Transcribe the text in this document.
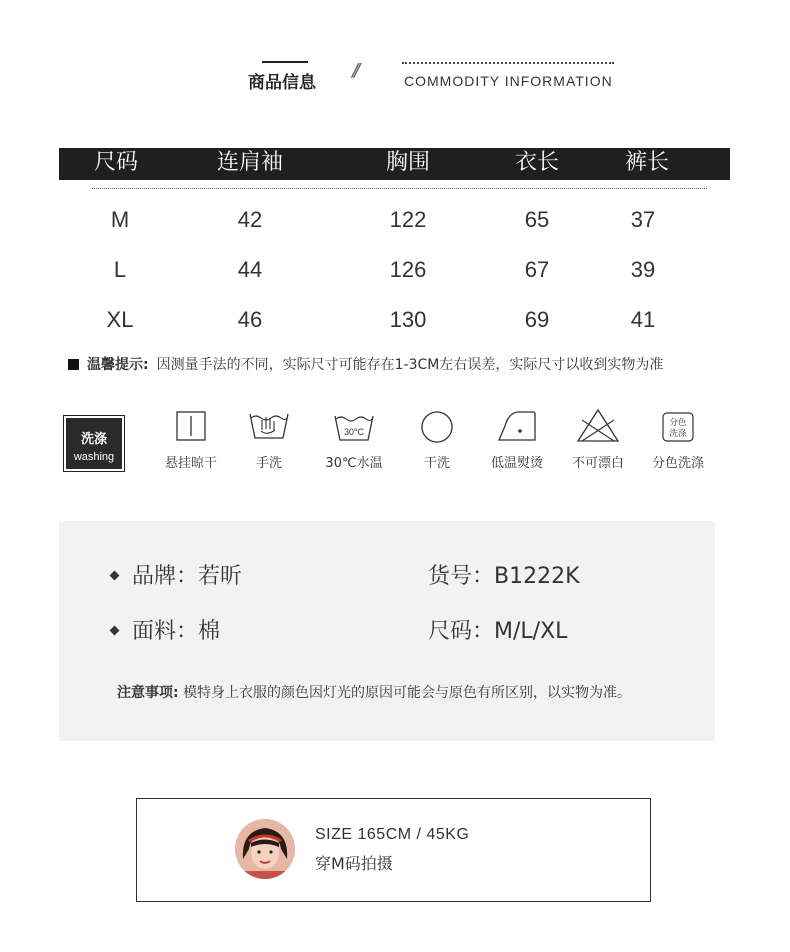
商品信息
//	COMMODITY INFORMATION
尺码	连肩袖	胸围	衣长	裤长
M	42	122	65	37
L	44	126	67	39
XL	46	130	69	41
温馨提示: 因测量手法的不同，实际尺寸可能存在1-3CM左右误差，实际尺寸以收到实物为准
洗涤
washing	悬挂晾干	手洗
30°C
30℃水温	干洗	低温熨烫	不可漂白
分色
洗涤
分色洗涤
品牌：若昕	货号：B1222K
面料：棉	尺码：M/L/XL
注意事项: 模特身上衣服的颜色因灯光的原因可能会与原色有所区别，以实物为准。
SIZE 165CM / 45KG
穿M码拍摄
